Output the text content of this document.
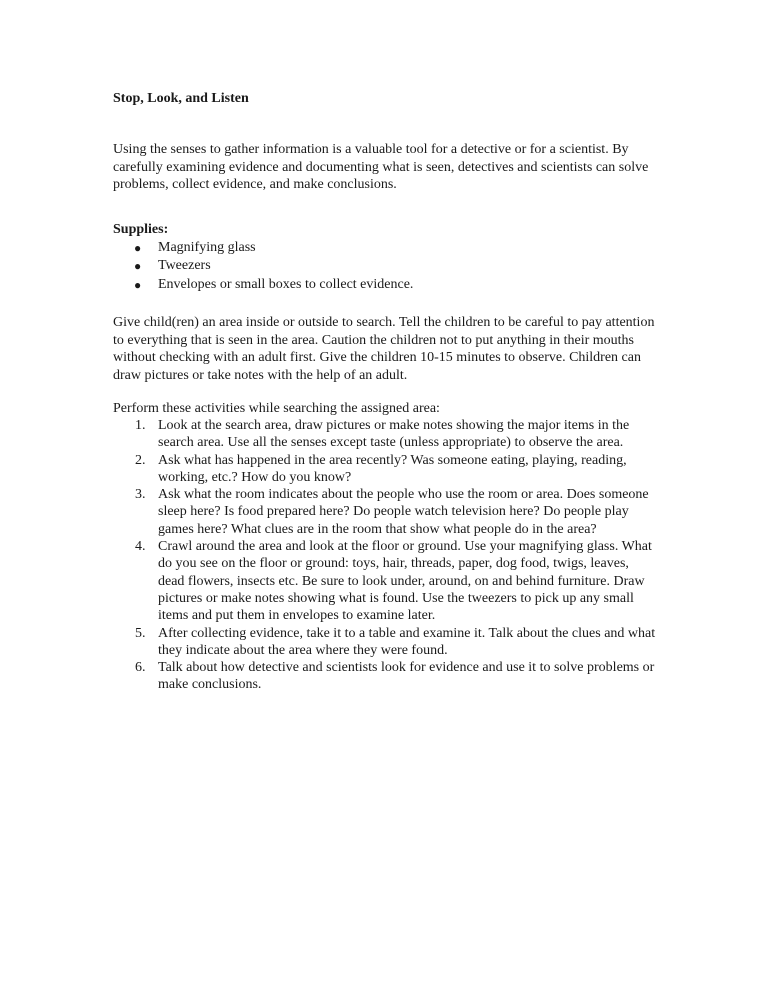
Stop, Look, and Listen

Using the senses to gather information is a valuable tool for a detective or for a scientist. By carefully examining evidence and documenting what is seen, detectives and scientists can solve problems, collect evidence, and make conclusions.

Supplies:
● Magnifying glass
● Tweezers
● Envelopes or small boxes to collect evidence.

Give child(ren) an area inside or outside to search. Tell the children to be careful to pay attention to everything that is seen in the area. Caution the children not to put anything in their mouths without checking with an adult first. Give the children 10-15 minutes to observe. Children can draw pictures or take notes with the help of an adult.

Perform these activities while searching the assigned area:

1. Look at the search area, draw pictures or make notes showing the major items in the search area. Use all the senses except taste (unless appropriate) to observe the area.
2. Ask what has happened in the area recently? Was someone eating, playing, reading, working, etc.? How do you know?
3. Ask what the room indicates about the people who use the room or area. Does someone sleep here? Is food prepared here? Do people watch television here? Do people play games here? What clues are in the room that show what people do in the area?
4. Crawl around the area and look at the floor or ground. Use your magnifying glass. What do you see on the floor or ground: toys, hair, threads, paper, dog food, twigs, leaves, dead flowers, insects etc. Be sure to look under, around, on and behind furniture. Draw pictures or make notes showing what is found. Use the tweezers to pick up any small items and put them in envelopes to examine later.
5. After collecting evidence, take it to a table and examine it. Talk about the clues and what they indicate about the area where they were found.
6. Talk about how detective and scientists look for evidence and use it to solve problems or make conclusions.
